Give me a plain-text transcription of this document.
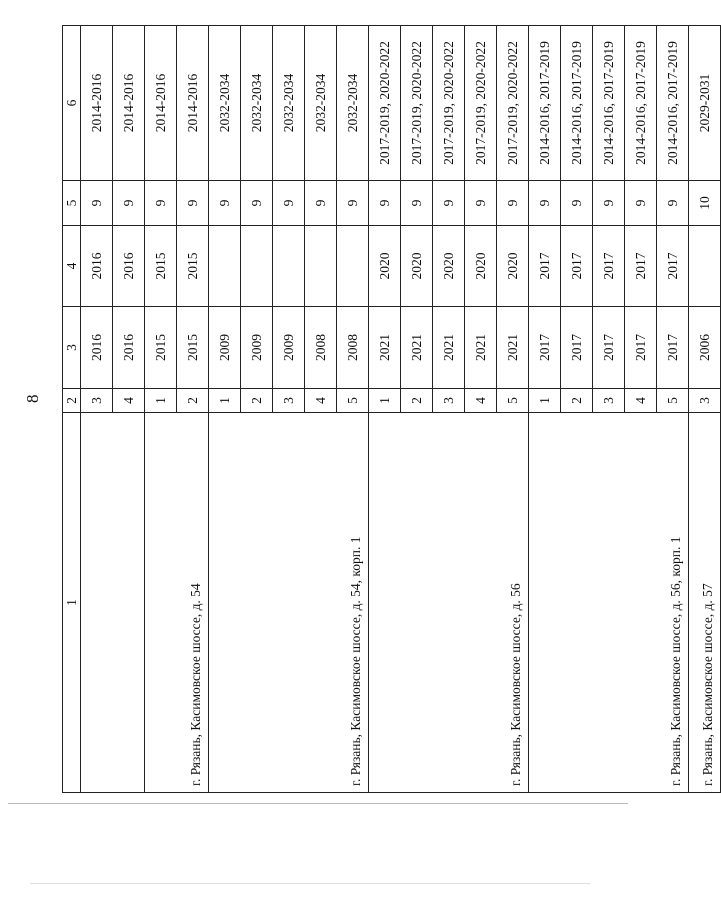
8
1	2	3	4	5	6
	3	2016	2016	9	2014-2016
	4	2016	2016	9	2014-2016
г. Рязань, Касимовское шоссе, д. 54	1	2015	2015	9	2014-2016
	2	2015	2015	9	2014-2016
г. Рязань, Касимовское шоссе, д. 54, корп. 1	1	2009		9	2032-2034
	2	2009		9	2032-2034
	3	2009		9	2032-2034
	4	2008		9	2032-2034
	5	2008		9	2032-2034
г. Рязань, Касимовское шоссе, д. 56	1	2021	2020	9	2017-2019, 2020-2022
	2	2021	2020	9	2017-2019, 2020-2022
	3	2021	2020	9	2017-2019, 2020-2022
	4	2021	2020	9	2017-2019, 2020-2022
	5	2021	2020	9	2017-2019, 2020-2022
г. Рязань, Касимовское шоссе, д. 56, корп. 1	1	2017	2017	9	2014-2016, 2017-2019
	2	2017	2017	9	2014-2016, 2017-2019
	3	2017	2017	9	2014-2016, 2017-2019
	4	2017	2017	9	2014-2016, 2017-2019
	5	2017	2017	9	2014-2016, 2017-2019
г. Рязань, Касимовское шоссе, д. 57	3	2006		10	2029-2031
